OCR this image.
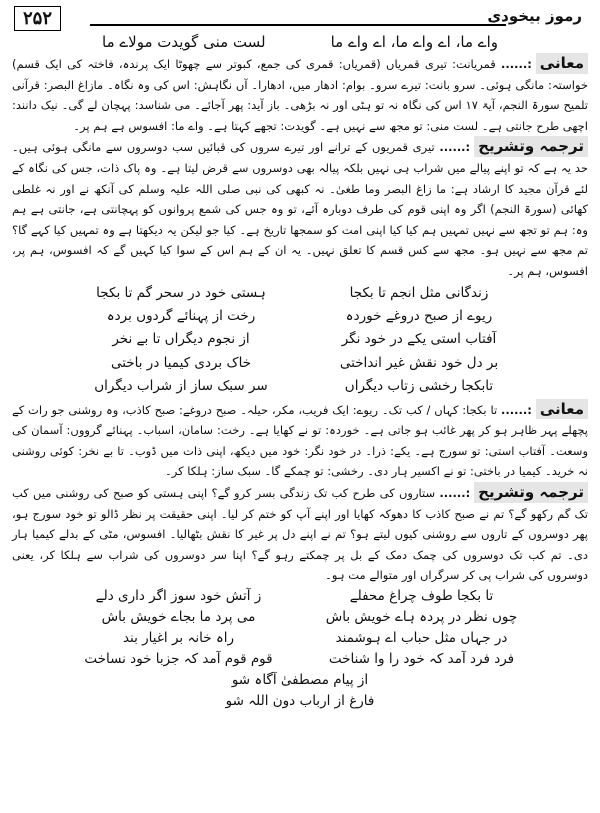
۲۵۲	رموز بیخودی
واے ما، اے واے ما، اے واے ما
لست منی گویدت مولاے ما

معانی:...... قمریانت: تیری قمریاں (قمریاں: قمری کی جمع، کبوتر سے چھوٹا ایک پرندہ، فاختہ کی ایک قسم) خواستہ: مانگی ہوئی۔ سرو بانت: تیرے سرو۔ بوام: ادھار میں، ادھارا۔ آں نگاہش: اس کی وہ نگاہ۔ مازاغ البصر: قرآنی تلمیح سورۃ النجم، آیۃ ۱۷ اس کی نگاہ نہ تو ہٹی اور نہ بڑھی۔ باز آید: پھر آجائے۔ می شناسد: پہچان لے گی۔ نیک دانند: اچھی طرح جانتی ہے۔ لست منی: تو مجھ سے نہیں ہے۔ گویدت: تجھے کہتا ہے۔ واے ما: افسوس ہے ہم پر۔

ترجمہ وتشریح:...... تیری قمریوں کے ترانے اور تیرے سروں کی قبائیں سب دوسروں سے مانگی ہوئی ہیں۔ حد یہ ہے کہ تو اپنے پیالے میں شراب ہی نہیں بلکہ پیالہ بھی دوسروں سے قرض لیتا ہے۔ وہ پاک ذات، جس کی نگاہ کے لئے قرآن مجید کا ارشاد ہے: ما زاغ البصر وما طغیٰ۔ نہ کبھی کی نبی صلی اللہ علیہ وسلم کی آنکھ نے اور نہ غلطی کھائی (سورۃ النجم) اگر وہ اپنی قوم کی طرف دوبارہ آئے، تو وہ جس کی شمع پروانوں کو پہچانتی ہے، جانتی ہے ہم وہ: ہم تو تجھ سے نہیں تمہیں ہم کیا کیا اپنی امت کو سمجھا تاریخ ہے۔ کیا جو لیکن یہ دیکھتا ہے وہ تمہیں کیا کہے گا؟ تم مجھ سے نہیں ہو۔ مجھ سے کس قسم کا تعلق نہیں۔ یہ ان کے ہم اس کے سوا کیا کہیں گے کہ افسوس، ہم پر، افسوس، ہم پر۔

زندگانی مثل انجم تا بکجا
ہستی خود در سحر گم تا بکجا
ریوے از صبح دروغے خوردہ
رخت از پہنائے گردوں بردہ
آفتاب استی یکے در خود نگر
از نجوم دیگراں تا بے نخر
بر دل خود نقش غیر انداختی
خاک بردی کیمیا در باختی
تابکجا رخشی زتاب دیگراں
سر سبک ساز از شراب دیگراں

معانی:...... تا بکجا: کہاں / کب تک۔ ریوے: ایک فریب، مکر، حیلہ۔ صبح دروغے: صبح کاذب، وہ روشنی جو رات کے پچھلے پہر ظاہر ہو کر پھر غائب ہو جاتی ہے۔ خوردہ: تو نے کھایا ہے۔ رخت: سامان، اسباب۔ پہنائے گرووں: آسمان کی وسعت۔ آفتاب استی: تو سورج ہے۔ یکے: ذرا۔ در خود نگر: خود میں دیکھ، اپنی ذات میں ڈوب۔ تا بے نخر: کوئی روشنی نہ خرید۔ کیمیا در باختی: تو نے اکسیر ہار دی۔ رخشی: تو چمکے گا۔ سبک ساز: ہلکا کر۔

ترجمہ وتشریح:...... ستاروں کی طرح کب تک زندگی بسر کرو گے؟ اپنی ہستی کو صبح کی روشنی میں کب تک گم رکھو گے؟ تم نے صبح کاذب کا دھوکہ کھایا اور اپنے آپ کو ختم کر لیا۔ اپنی حقیقت پر نظر ڈالو تو خود سورج ہو، پھر دوسروں کے تاروں سے روشنی کیوں لیتے ہو؟ تم نے اپنے دل پر غیر کا نقش بٹھالیا۔ افسوس، مٹی کے بدلے کیمیا ہار دی۔ تم کب تک دوسروں کی چمک دمک کے بل پر چمکتے رہو گے؟ اپنا سر دوسروں کی شراب سے ہلکا کر، یعنی دوسروں کی شراب پی کر سرگراں اور متوالے مت ہو۔

تا بکجا طوف چراغ محفلے
ز آتش خود سوز اگر داری دلے
چوں نظر در پردہ ہاے خویش باش
می پرد ما بجاے خویش باش
در جہاں مثل حباب اے ہوشمند
راہ خانہ بر اغیار بند
فرد فرد آمد کہ خود را وا شناخت
قوم قوم آمد کہ جزبا خود نساخت
از پیام مصطفیٰ آگاہ شو
فارغ از ارباب دون اللہ شو
